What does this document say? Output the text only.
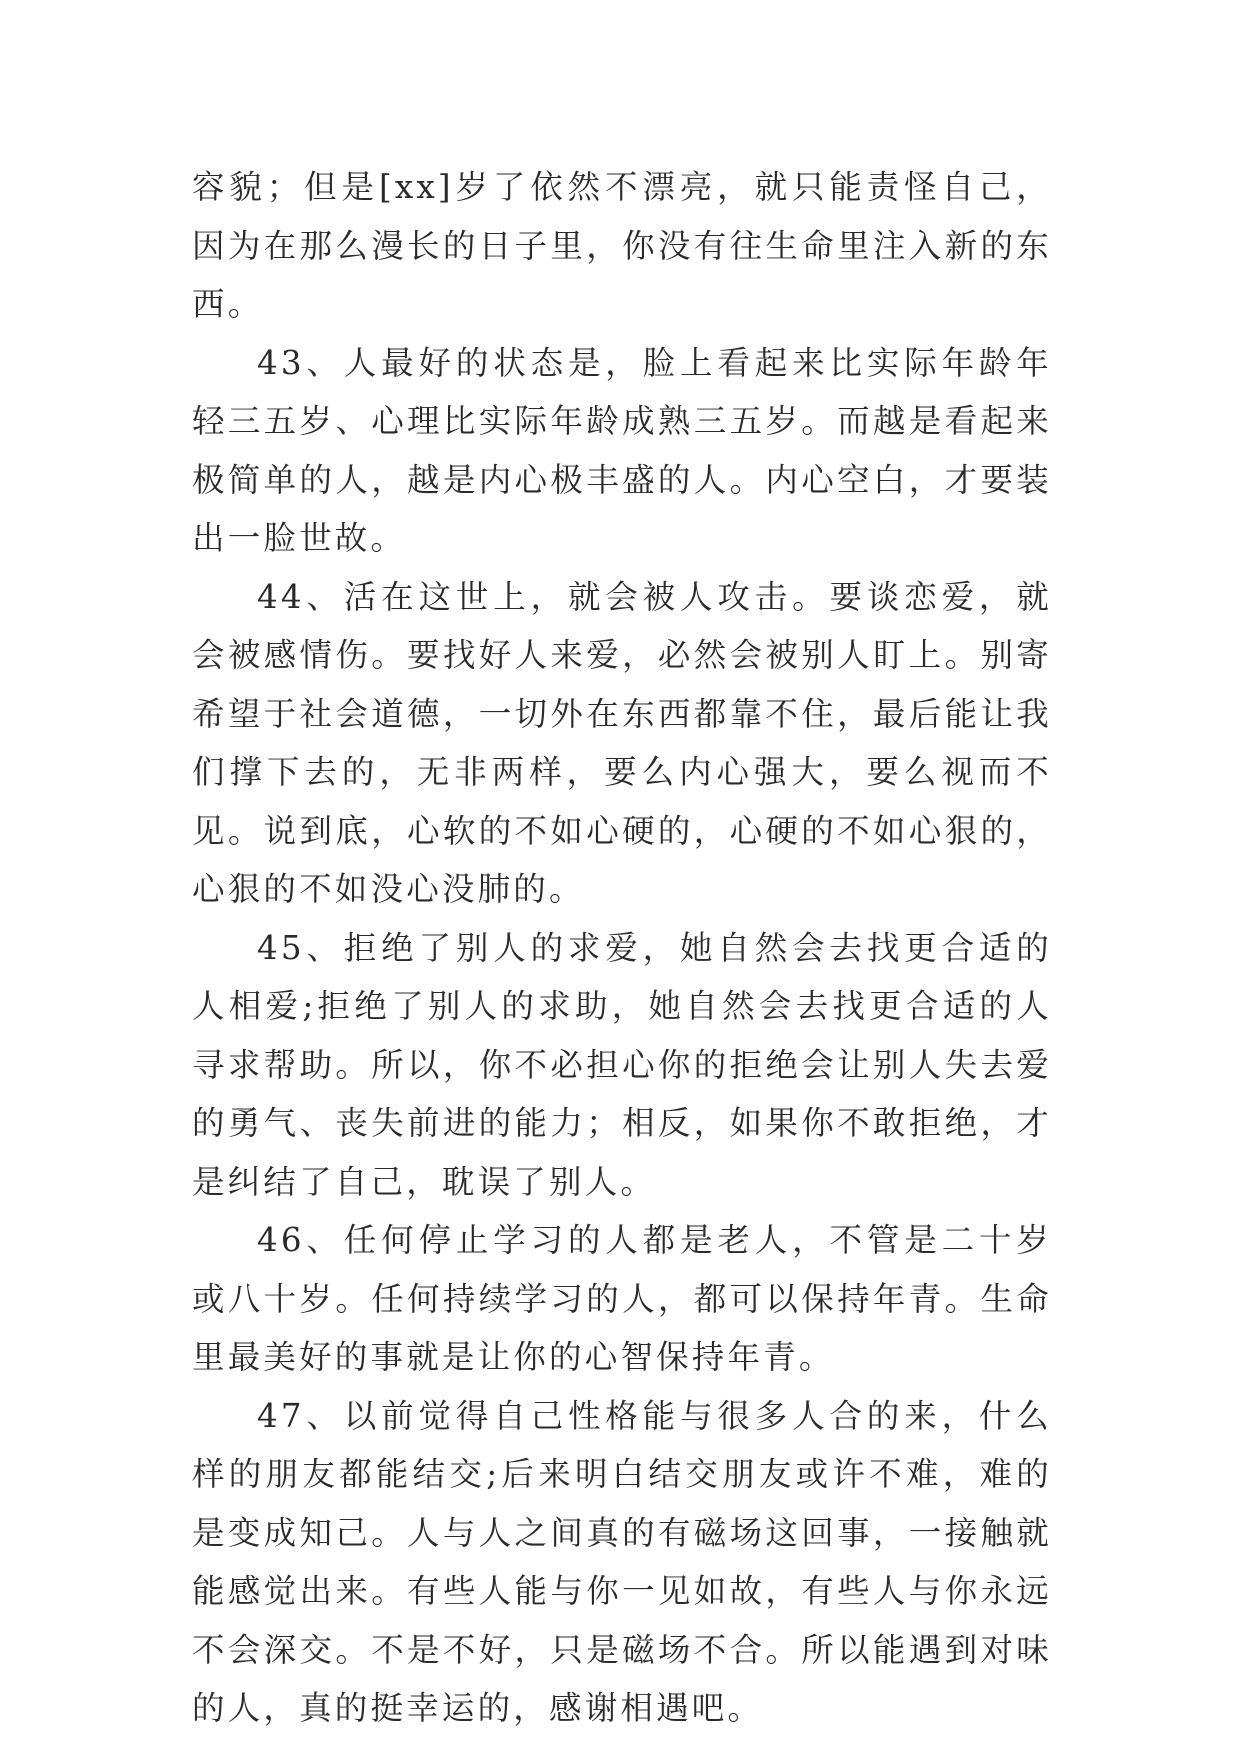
容貌；但是[xx]岁了依然不漂亮，就只能责怪自己，因为在那么漫长的日子里，你没有往生命里注入新的东西。

43、人最好的状态是，脸上看起来比实际年龄年轻三五岁、心理比实际年龄成熟三五岁。而越是看起来极简单的人，越是内心极丰盛的人。内心空白，才要装出一脸世故。

44、活在这世上，就会被人攻击。要谈恋爱，就会被感情伤。要找好人来爱，必然会被别人盯上。别寄希望于社会道德，一切外在东西都靠不住，最后能让我们撑下去的，无非两样，要么内心强大，要么视而不见。说到底，心软的不如心硬的，心硬的不如心狠的，心狠的不如没心没肺的。

45、拒绝了别人的求爱，她自然会去找更合适的人相爱;拒绝了别人的求助，她自然会去找更合适的人寻求帮助。所以，你不必担心你的拒绝会让别人失去爱的勇气、丧失前进的能力；相反，如果你不敢拒绝，才是纠结了自己，耽误了别人。

46、任何停止学习的人都是老人，不管是二十岁或八十岁。任何持续学习的人，都可以保持年青。生命里最美好的事就是让你的心智保持年青。

47、以前觉得自己性格能与很多人合的来，什么样的朋友都能结交;后来明白结交朋友或许不难，难的是变成知己。人与人之间真的有磁场这回事，一接触就能感觉出来。有些人能与你一见如故，有些人与你永远不会深交。不是不好，只是磁场不合。所以能遇到对味的人，真的挺幸运的，感谢相遇吧。
